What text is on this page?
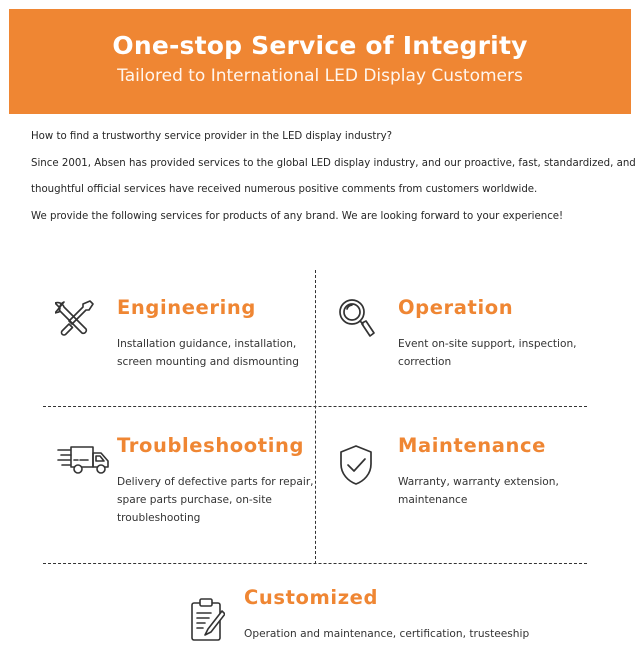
One-stop Service of Integrity
Tailored to International LED Display Customers

How to find a trustworthy service provider in the LED display industry?

Since 2001, Absen has provided services to the global LED display industry, and our proactive, fast, standardized, and

thoughtful official services have received numerous positive comments from customers worldwide.

We provide the following services for products of any brand. We are looking forward to your experience!

Engineering
Installation guidance, installation,
screen mounting and dismounting
Operation
Event on-site support, inspection,
correction
Troubleshooting
Delivery of defective parts for repair,
spare parts purchase, on-site
troubleshooting
Maintenance
Warranty, warranty extension,
maintenance
Customized
Operation and maintenance, certification, trusteeship
